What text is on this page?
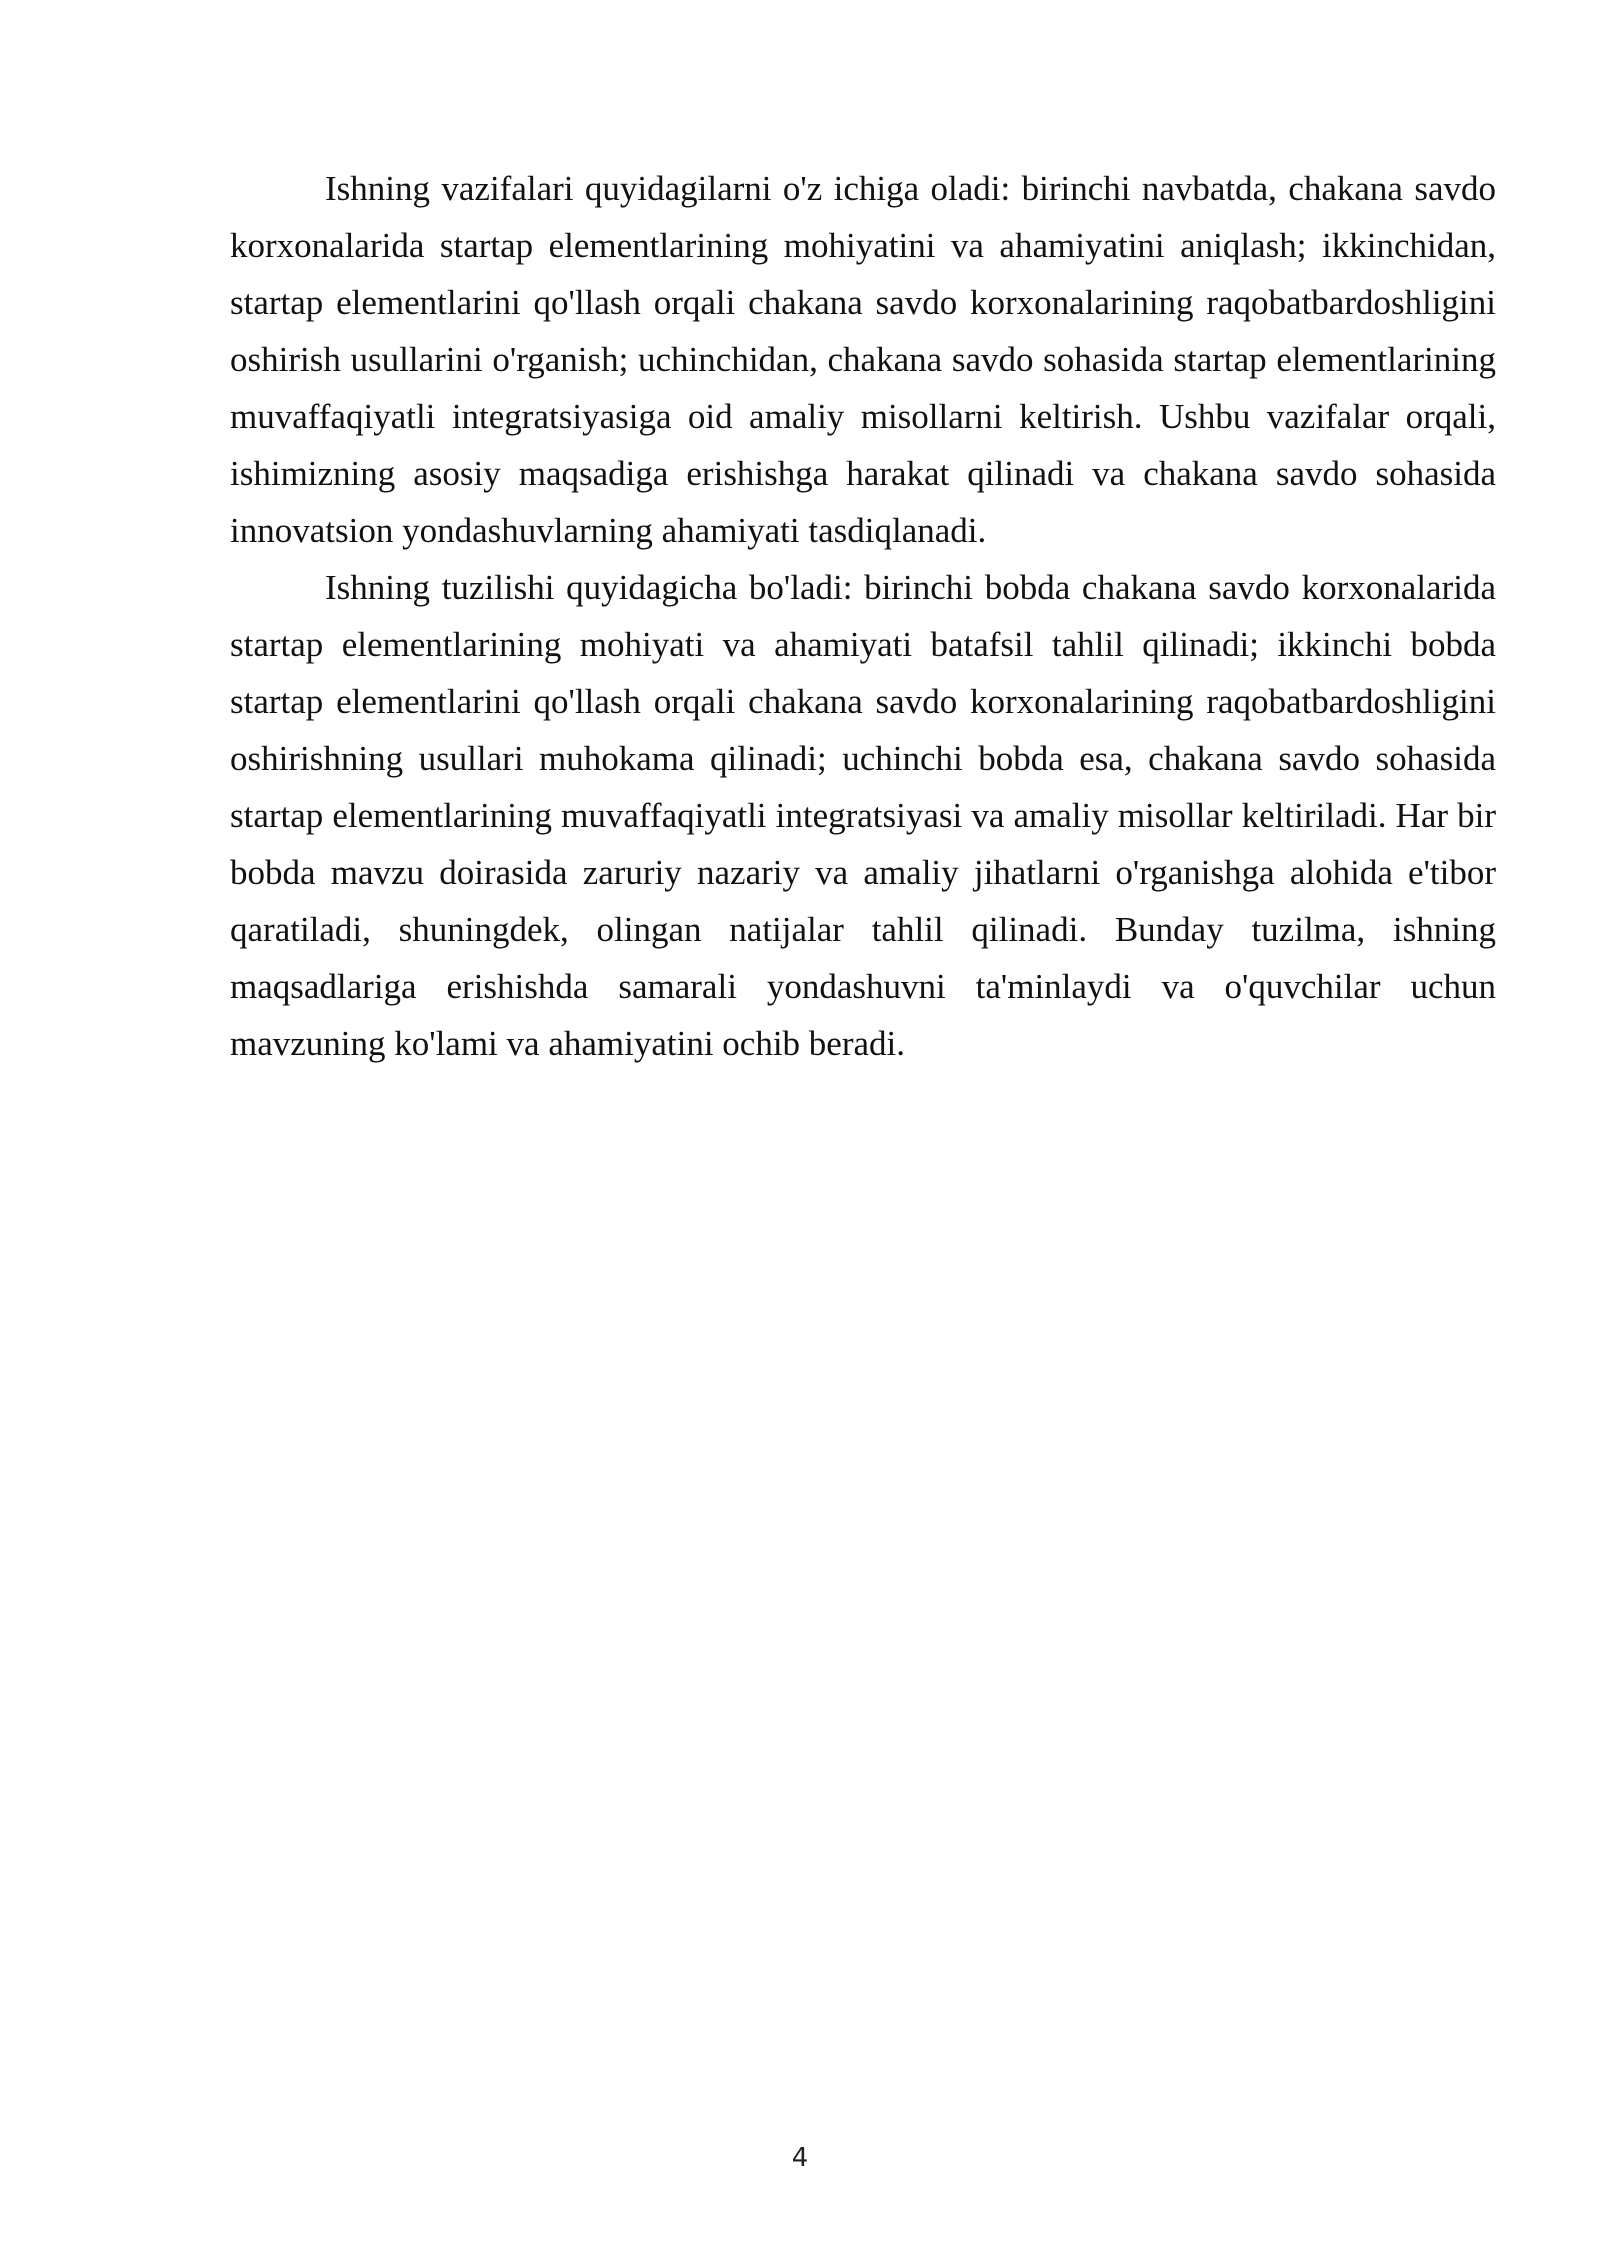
Ishning vazifalari quyidagilarni o'z ichiga oladi: birinchi navbatda, chakana savdo korxonalarida startap elementlarining mohiyatini va ahamiyatini aniqlash; ikkinchidan, startap elementlarini qo'llash orqali chakana savdo korxonalarining raqobatbardoshligini oshirish usullarini o'rganish; uchinchidan, chakana savdo sohasida startap elementlarining muvaffaqiyatli integratsiyasiga oid amaliy misollarni keltirish. Ushbu vazifalar orqali, ishimizning asosiy maqsadiga erishishga harakat qilinadi va chakana savdo sohasida innovatsion yondashuvlarning ahamiyati tasdiqlanadi.

Ishning tuzilishi quyidagicha bo'ladi: birinchi bobda chakana savdo korxonalarida startap elementlarining mohiyati va ahamiyati batafsil tahlil qilinadi; ikkinchi bobda startap elementlarini qo'llash orqali chakana savdo korxonalarining raqobatbardoshligini oshirishning usullari muhokama qilinadi; uchinchi bobda esa, chakana savdo sohasida startap elementlarining muvaffaqiyatli integratsiyasi va amaliy misollar keltiriladi. Har bir bobda mavzu doirasida zaruriy nazariy va amaliy jihatlarni o'rganishga alohida e'tibor qaratiladi, shuningdek, olingan natijalar tahlil qilinadi. Bunday tuzilma, ishning maqsadlariga erishishda samarali yondashuvni ta'minlaydi va o'quvchilar uchun mavzuning ko'lami va ahamiyatini ochib beradi.

4
